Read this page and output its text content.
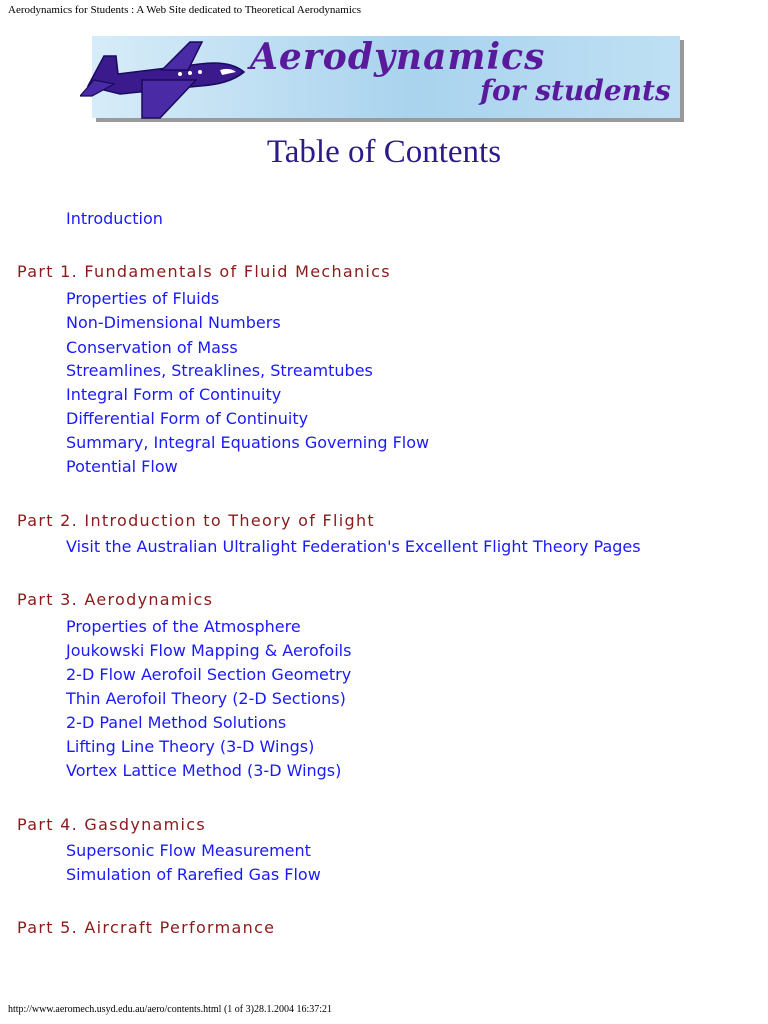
Aerodynamics for Students : A Web Site dedicated to Theoretical Aerodynamics
Aerodynamics
for students
Table of Contents
Introduction
Part 1. Fundamentals of Fluid Mechanics
Properties of Fluids
Non-Dimensional Numbers
Conservation of Mass
Streamlines, Streaklines, Streamtubes
Integral Form of Continuity
Differential Form of Continuity
Summary, Integral Equations Governing Flow
Potential Flow
Part 2. Introduction to Theory of Flight
Visit the Australian Ultralight Federation's Excellent Flight Theory Pages
Part 3. Aerodynamics
Properties of the Atmosphere
Joukowski Flow Mapping & Aerofoils
2-D Flow Aerofoil Section Geometry
Thin Aerofoil Theory (2-D Sections)
2-D Panel Method Solutions
Lifting Line Theory (3-D Wings)
Vortex Lattice Method (3-D Wings)
Part 4. Gasdynamics
Supersonic Flow Measurement
Simulation of Rarefied Gas Flow
Part 5. Aircraft Performance
http://www.aeromech.usyd.edu.au/aero/contents.html (1 of 3)28.1.2004 16:37:21
